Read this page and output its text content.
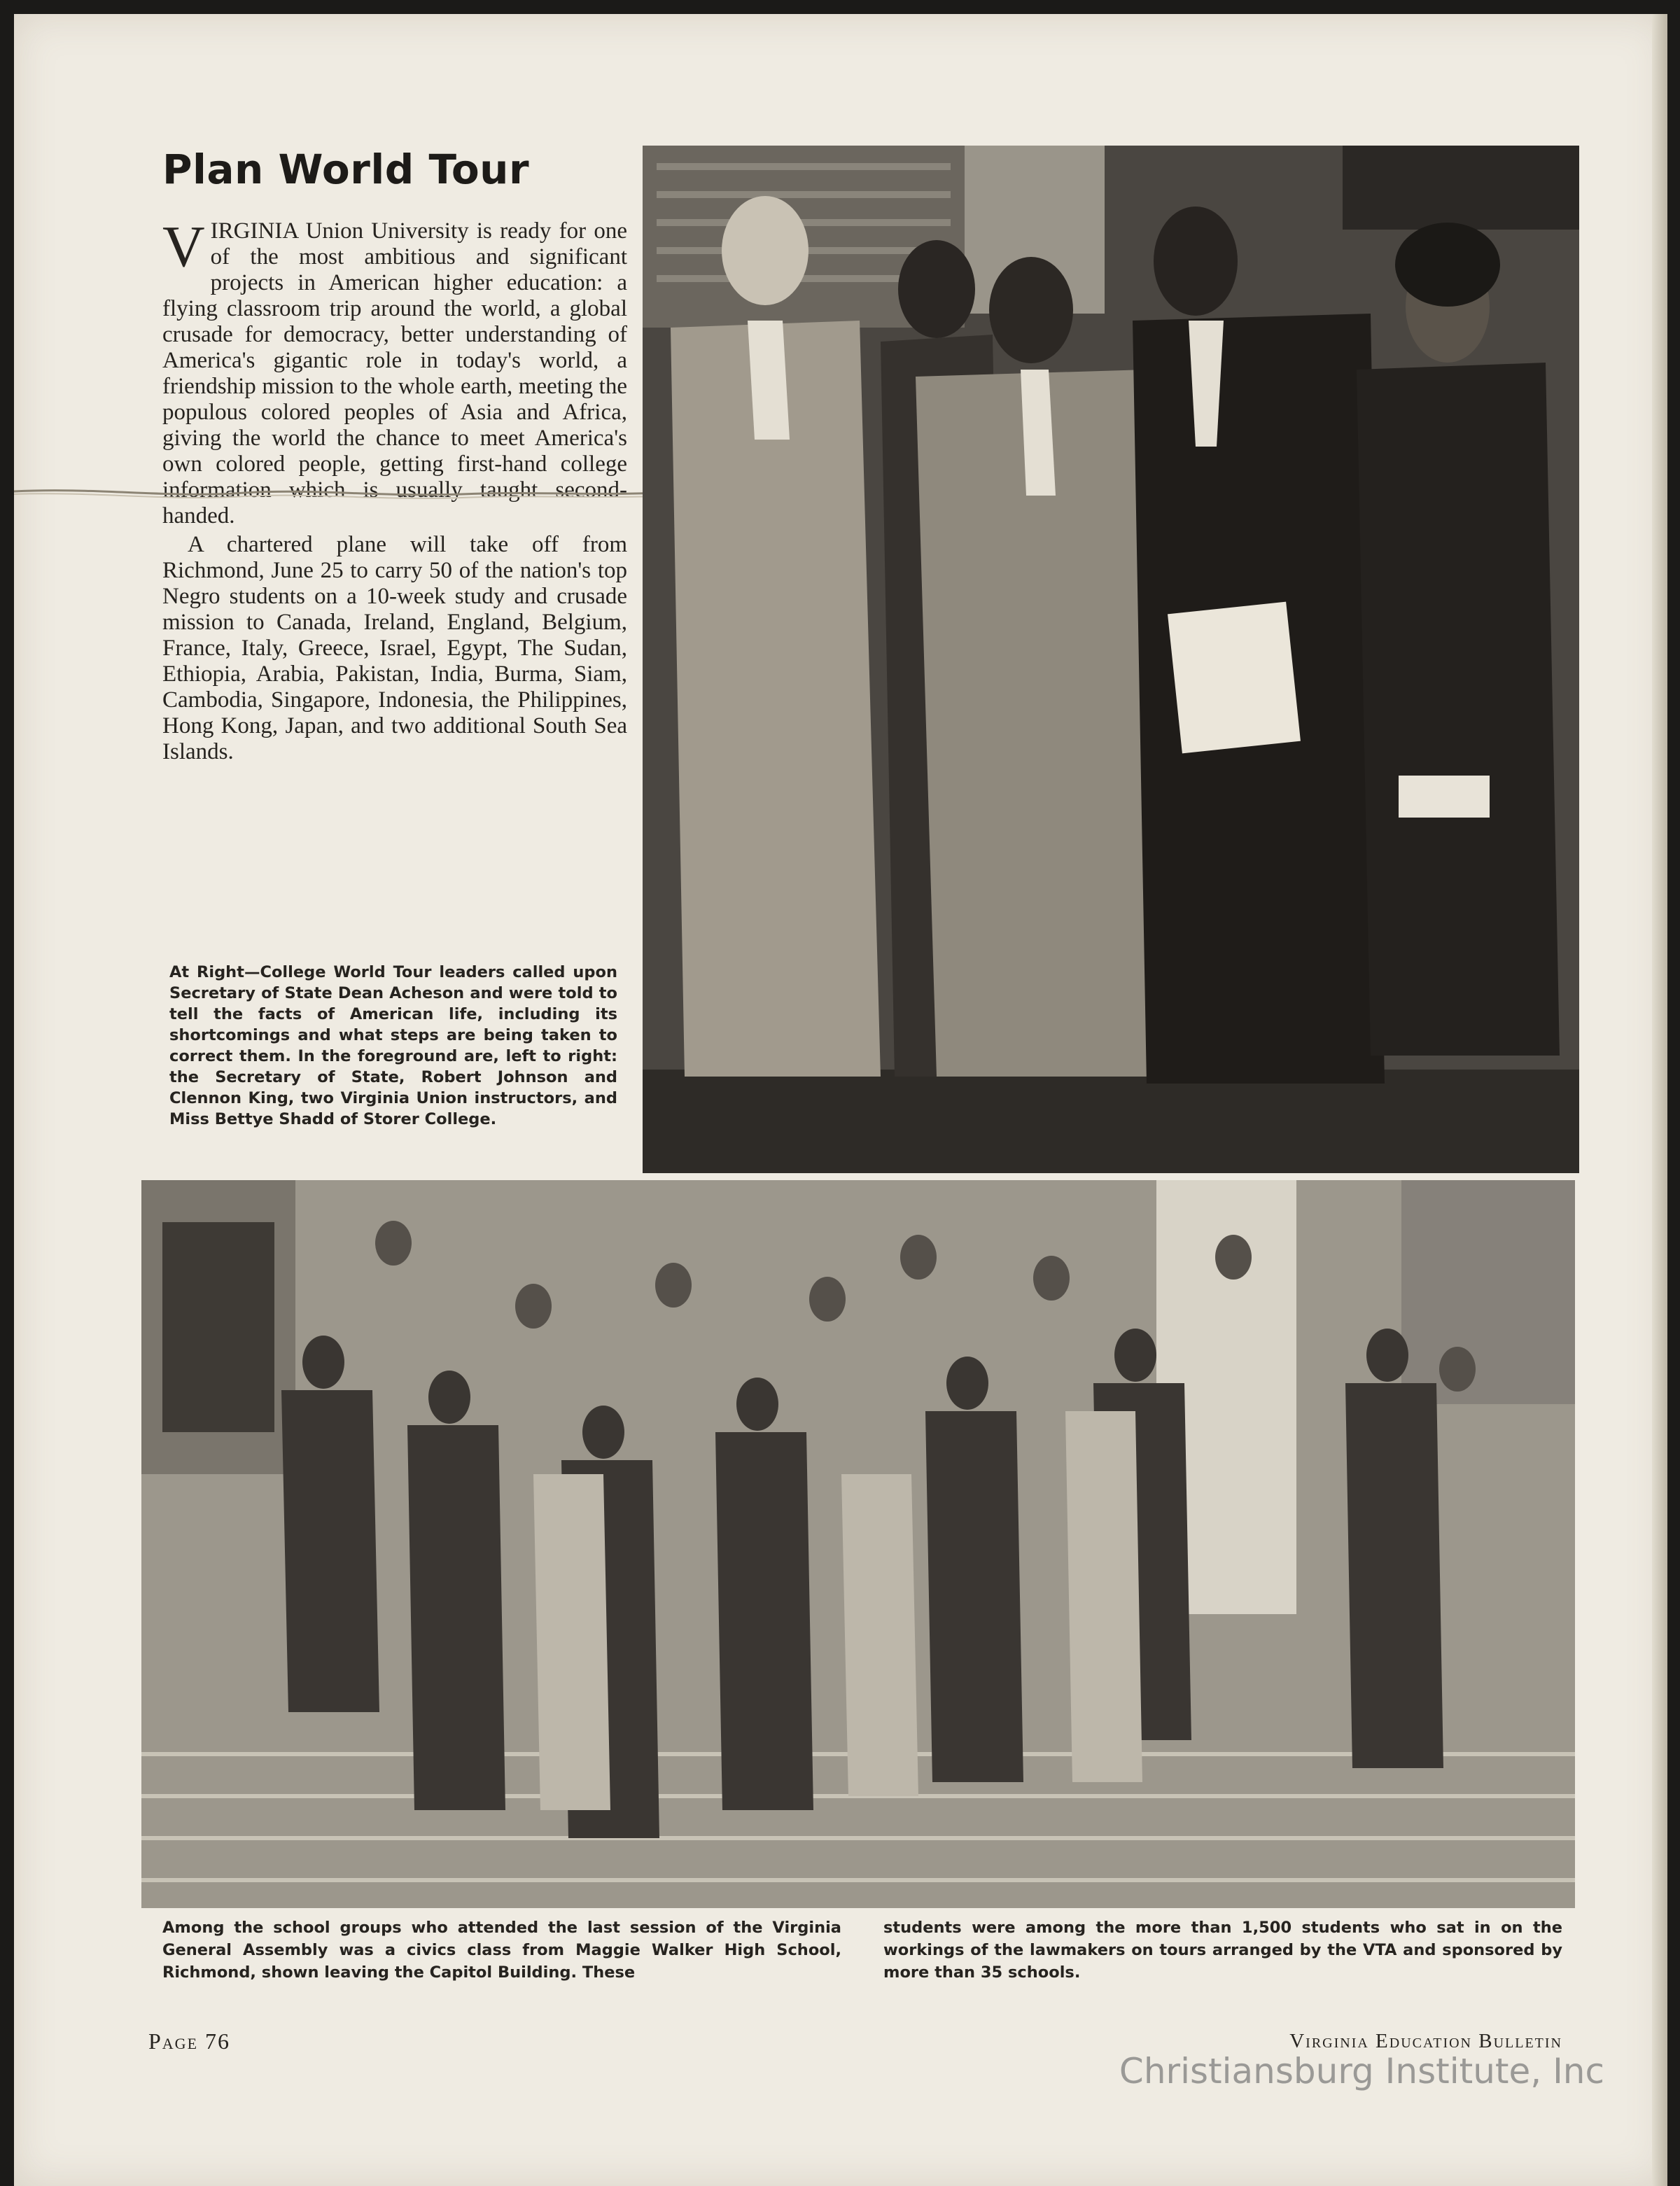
Plan World Tour

VIRGINIA Union University is ready for one of the most ambitious and significant projects in American higher education: a flying classroom trip around the world, a global crusade for democracy, better understanding of America's gigantic role in today's world, a friendship mission to the whole earth, meeting the populous colored peoples of Asia and Africa, giving the world the chance to meet America's own colored people, getting first-hand college information which is usually taught second-handed.

A chartered plane will take off from Richmond, June 25 to carry 50 of the nation's top Negro students on a 10-week study and crusade mission to Canada, Ireland, England, Belgium, France, Italy, Greece, Israel, Egypt, The Sudan, Ethiopia, Arabia, Pakistan, India, Burma, Siam, Cambodia, Singapore, Indonesia, the Philippines, Hong Kong, Japan, and two additional South Sea Islands.

At Right—College World Tour leaders called upon Secretary of State Dean Acheson and were told to tell the facts of American life, including its shortcomings and what steps are being taken to correct them. In the foreground are, left to right: the Secretary of State, Robert Johnson and Clennon King, two Virginia Union instructors, and Miss Bettye Shadd of Storer College.
Among the school groups who attended the last session of the Virginia General Assembly was a civics class from Maggie Walker High School, Richmond, shown leaving the Capitol Building. These
students were among the more than 1,500 students who sat in on the workings of the lawmakers on tours arranged by the VTA and sponsored by more than 35 schools.
Page 76	Virginia Education Bulletin
Christiansburg Institute, Inc
